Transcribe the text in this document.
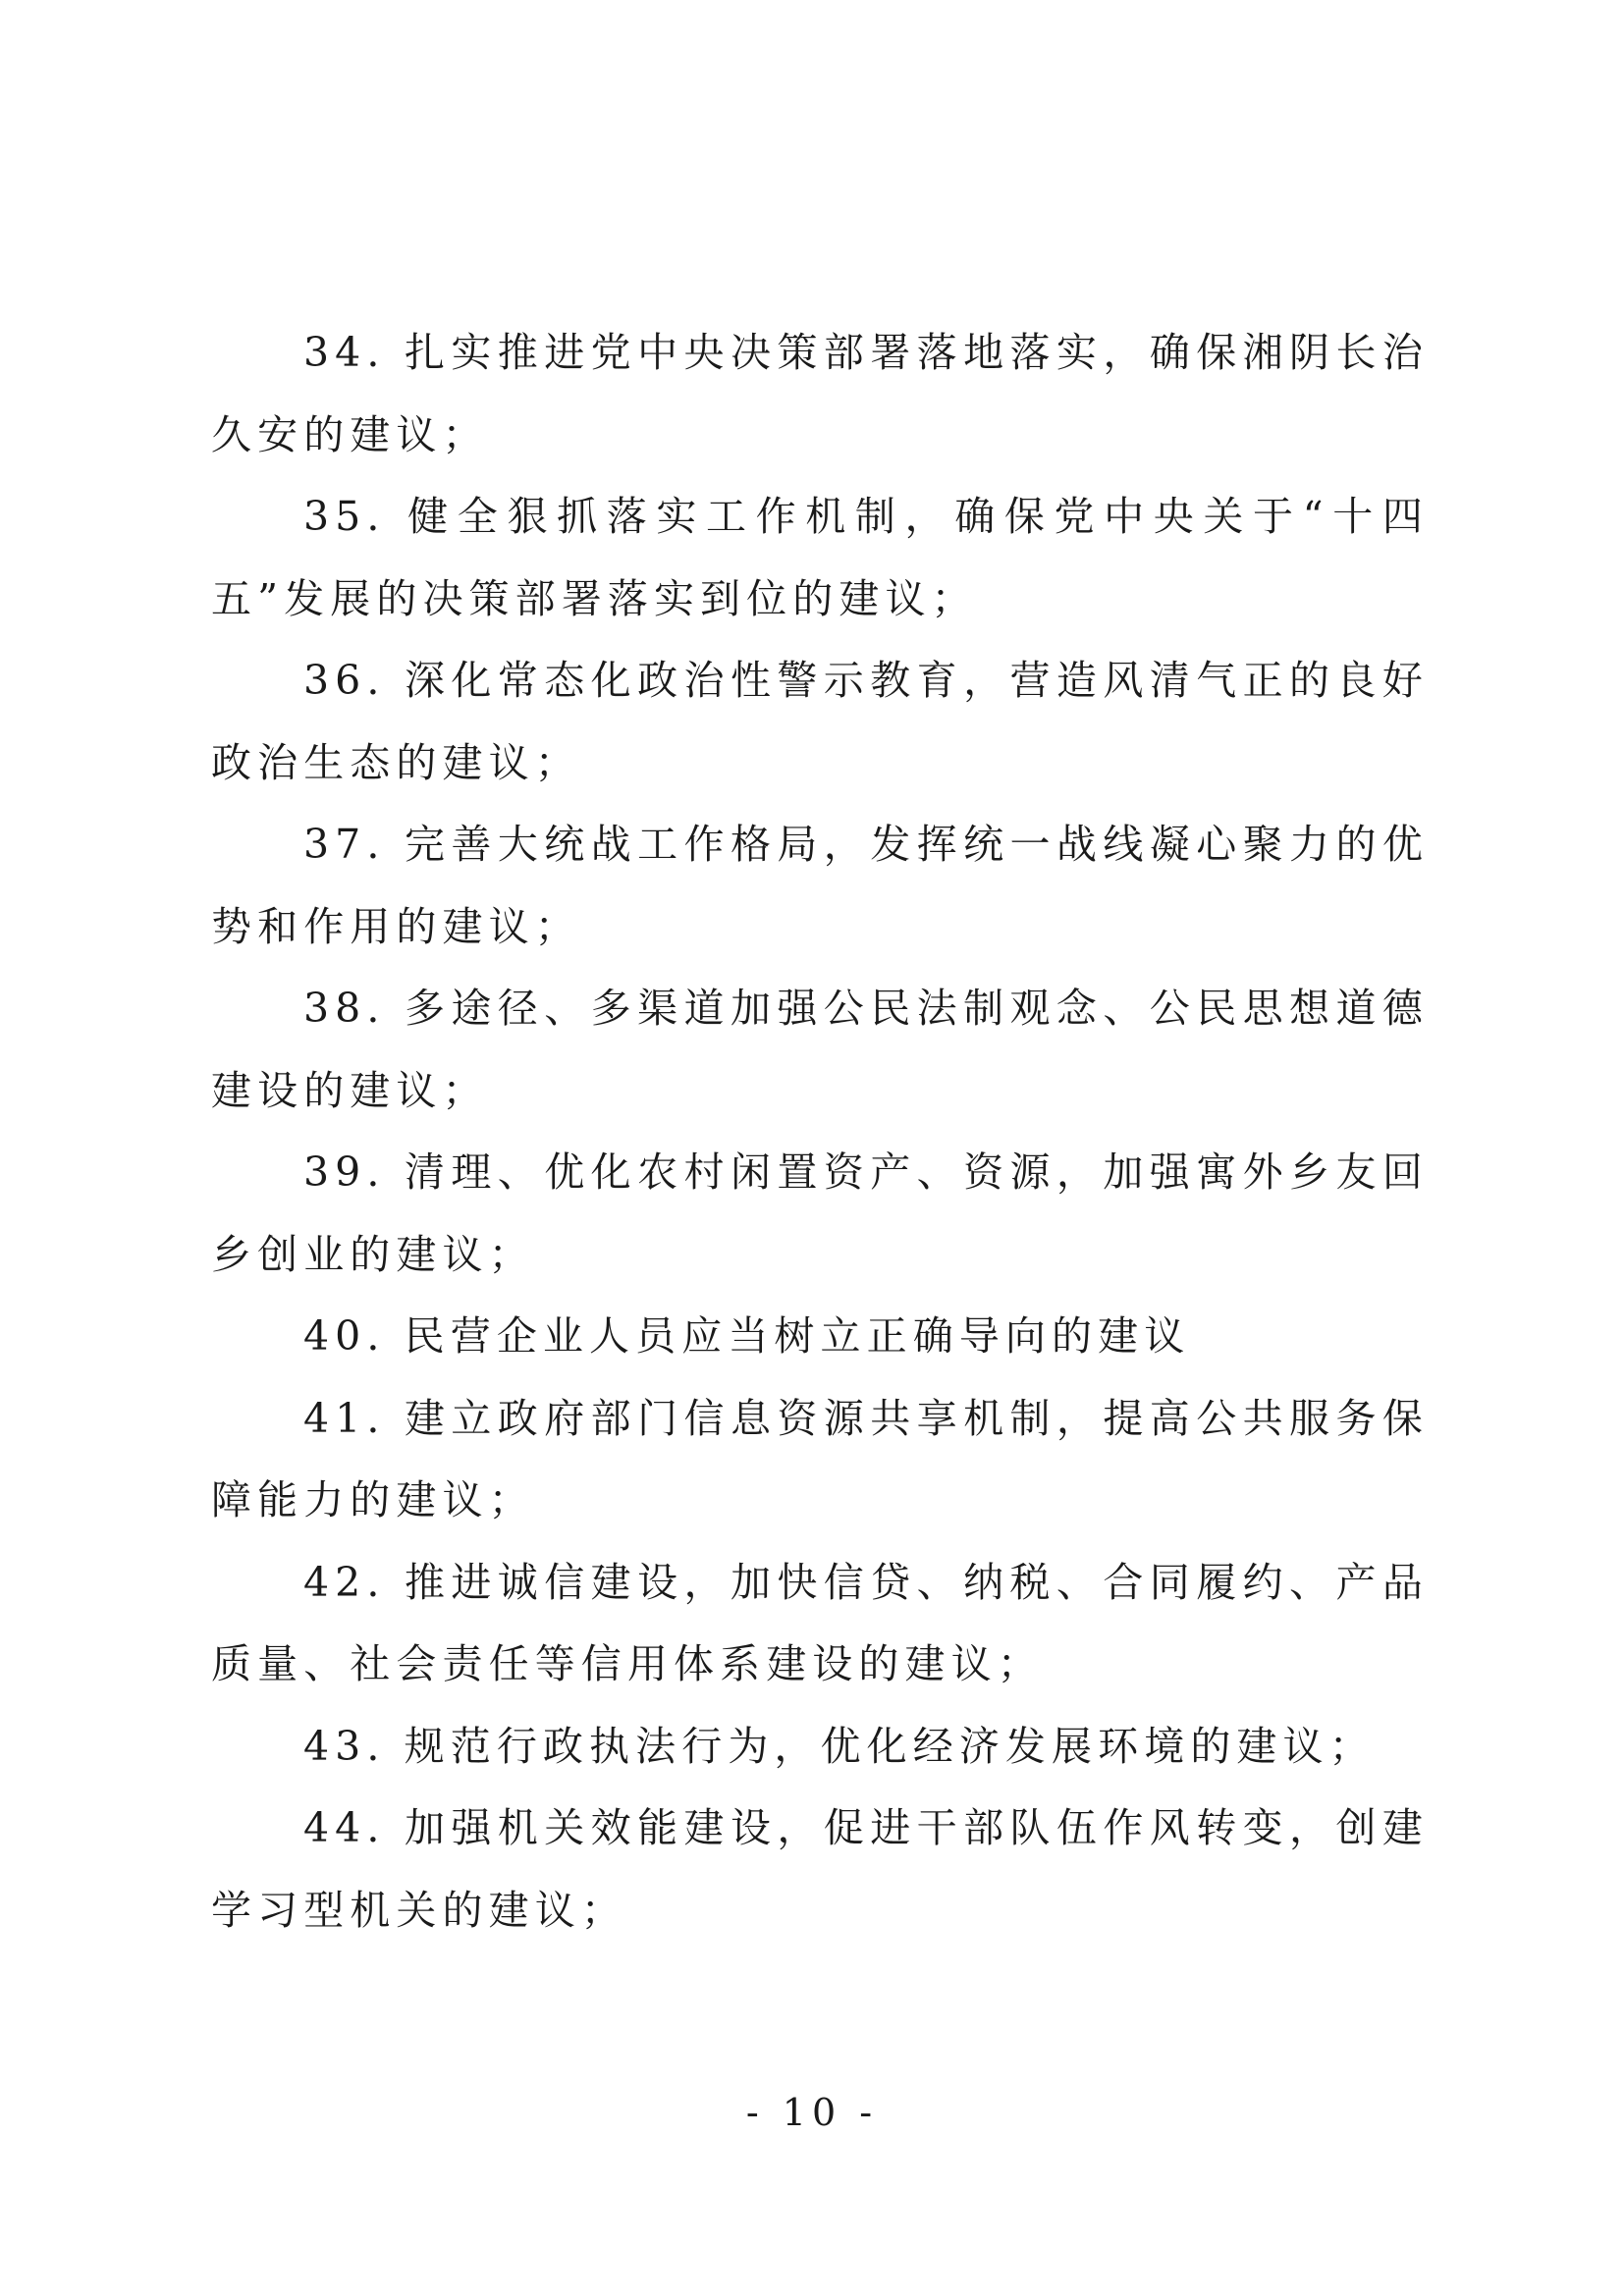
34. 扎实推进党中央决策部署落地落实，确保湘阴长治久安的建议；

35. 健全狠抓落实工作机制，确保党中央关于“十四五”发展的决策部署落实到位的建议；

36. 深化常态化政治性警示教育，营造风清气正的良好政治生态的建议；

37. 完善大统战工作格局，发挥统一战线凝心聚力的优势和作用的建议；

38. 多途径、多渠道加强公民法制观念、公民思想道德建设的建议；

39. 清理、优化农村闲置资产、资源，加强寓外乡友回乡创业的建议；

40. 民营企业人员应当树立正确导向的建议

41. 建立政府部门信息资源共享机制，提高公共服务保障能力的建议；

42. 推进诚信建设，加快信贷、纳税、合同履约、产品质量、社会责任等信用体系建设的建议；

43. 规范行政执法行为，优化经济发展环境的建议；

44. 加强机关效能建设，促进干部队伍作风转变，创建学习型机关的建议；

- 10 -
